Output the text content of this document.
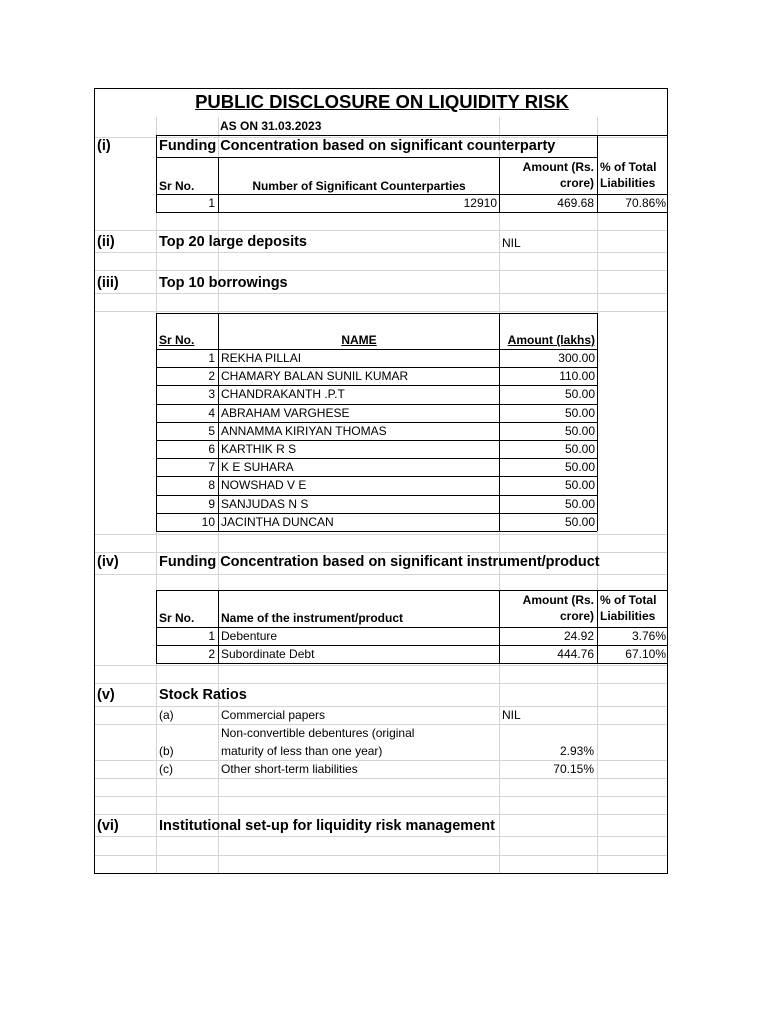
PUBLIC DISCLOSURE ON LIQUIDITY RISK
AS ON 31.03.2023
(i)	Funding Concentration based on significant counterparty
Sr No.	Number of Significant Counterparties
Amount (Rs.
crore)
% of Total
Liabilities
1	12910	469.68	70.86%
(ii)	Top 20 large deposits	NIL
(iii)	Top 10 borrowings
Sr No.	NAME	Amount (lakhs)
1 REKHA PILLAI	300.00
2 CHAMARY BALAN SUNIL KUMAR	110.00
3 CHANDRAKANTH .P.T	50.00
4 ABRAHAM VARGHESE	50.00
5 ANNAMMA KIRIYAN THOMAS	50.00
6 KARTHIK R S	50.00
7 K E SUHARA	50.00
8 NOWSHAD V E	50.00
9 SANJUDAS N S	50.00
10 JACINTHA DUNCAN	50.00
(iv)	Funding Concentration based on significant instrument/product
Sr No. Name of the instrument/product
Amount (Rs.
crore)
% of Total
Liabilities
1 Debenture	24.92	3.76%
2 Subordinate Debt	444.76	67.10%
(v)	Stock Ratios
(a)	Commercial papers	NIL
Non-convertible debentures (original
(b)	maturity of less than one year)	2.93%
(c)	Other short-term liabilities	70.15%
(vi)	Institutional set-up for liquidity risk management
